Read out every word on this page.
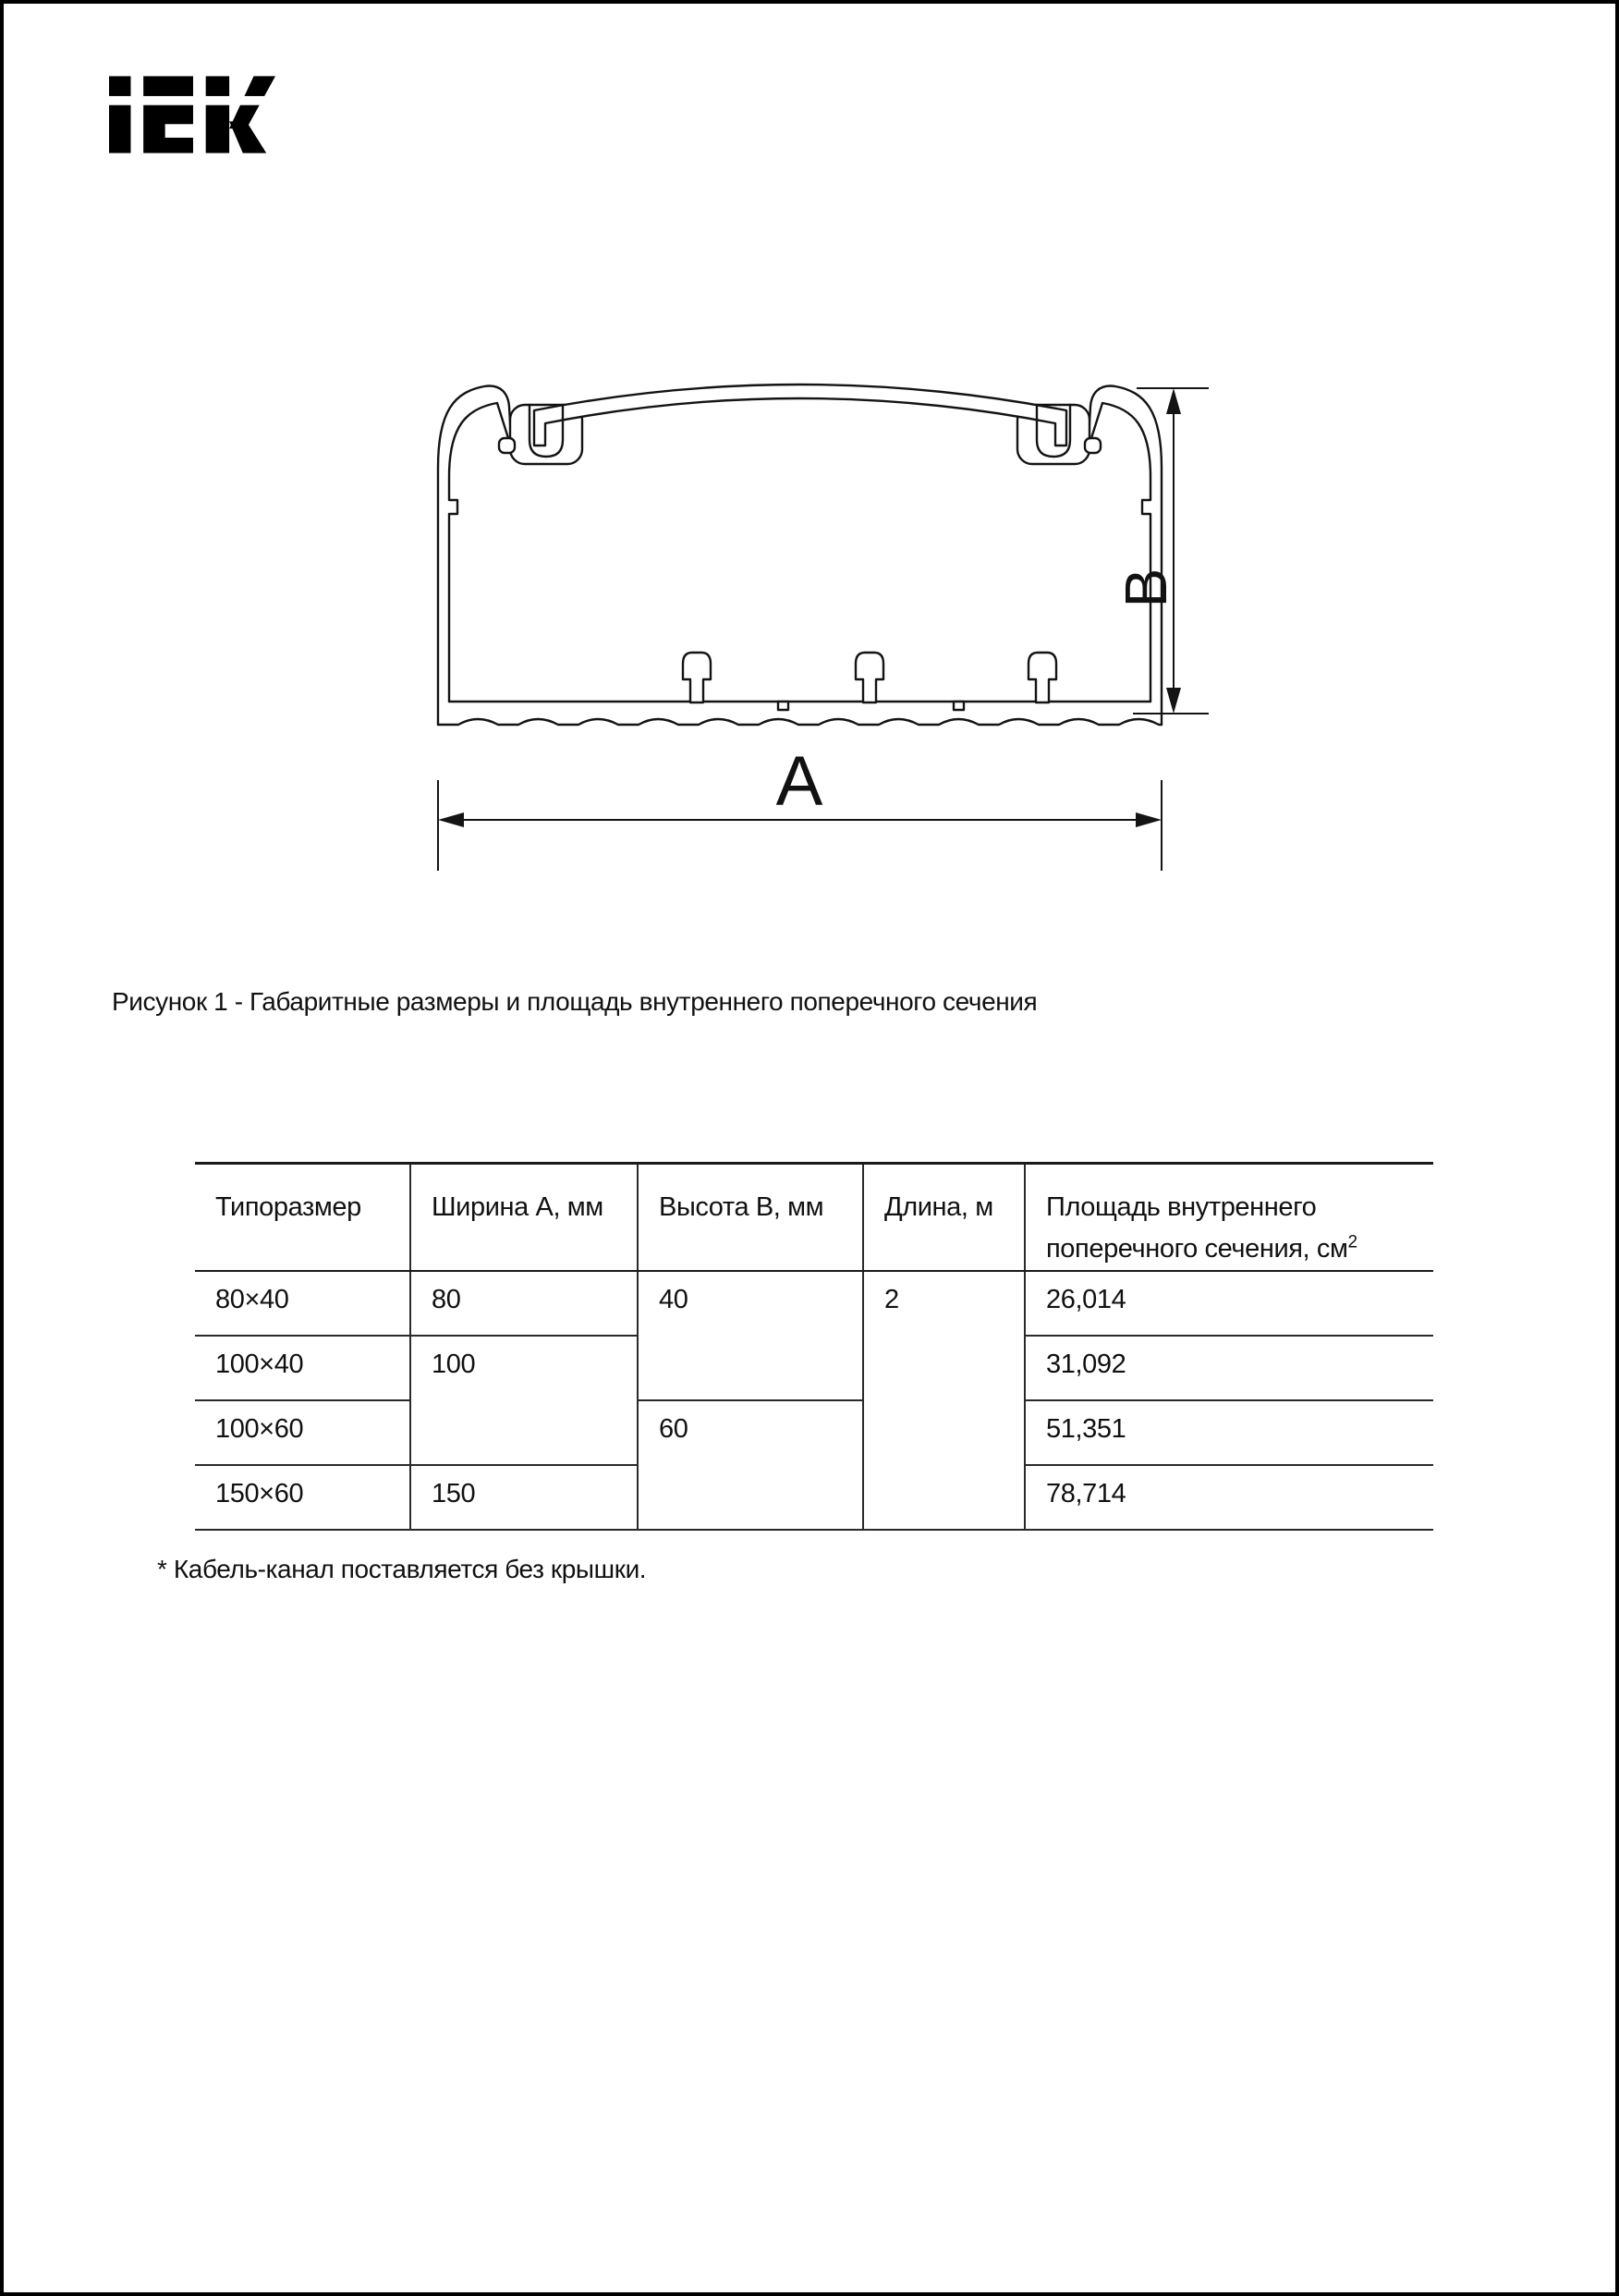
B
A
Рисунок 1 - Габаритные размеры и площадь внутреннего поперечного сечения
Типоразмер	Ширина А, мм	Высота В, мм	Длина, м	Площадь внутреннего поперечного сечения, $см^2$
80×40	80	40	2	26,014
100×40	100			31,092
100×60		60		51,351
150×60	150			78,714
* Кабель-канал поставляется без крышки.
